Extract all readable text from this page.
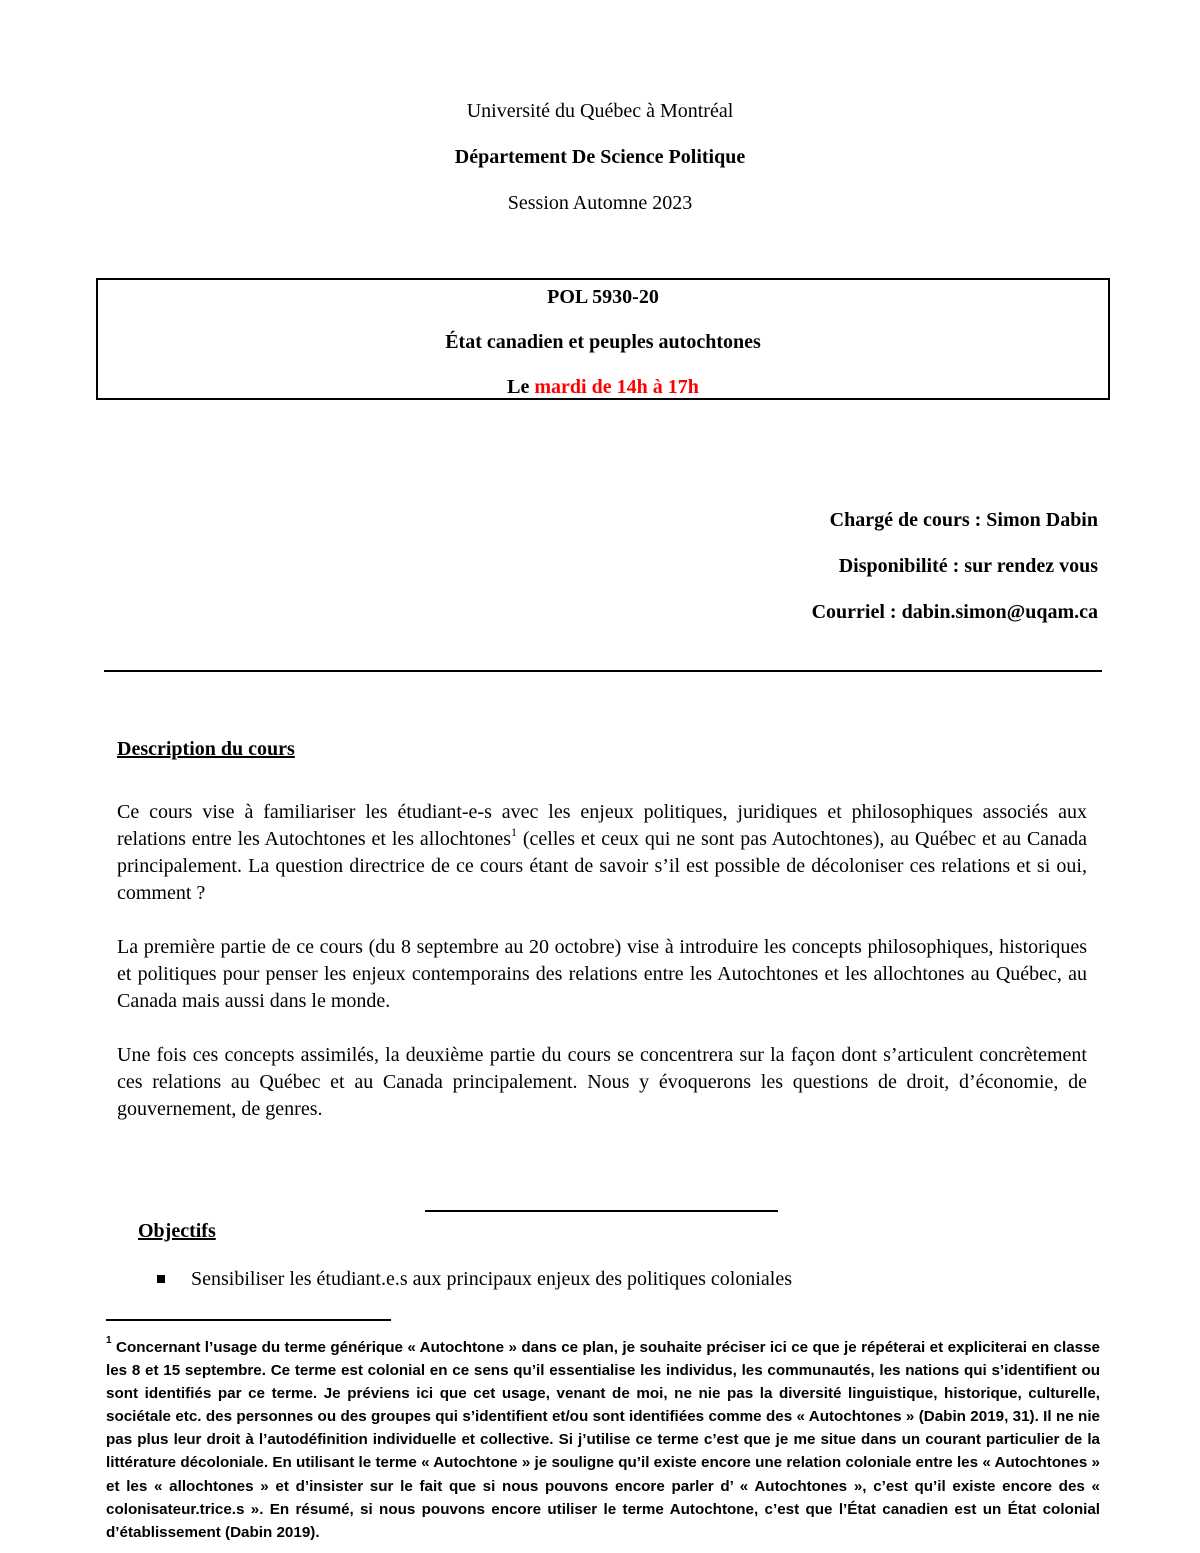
Université du Québec à Montréal
Département De Science Politique
Session Automne 2023
POL 5930-20
État canadien et peuples autochtones
Le mardi de 14h à 17h
Chargé de cours : Simon Dabin
Disponibilité : sur rendez vous
Courriel : dabin.simon@uqam.ca
Description du cours

Ce cours vise à familiariser les étudiant-e-s avec les enjeux politiques, juridiques et philosophiques associés aux relations entre les Autochtones et les allochtones$^1$ (celles et ceux qui ne sont pas Autochtones), au Québec et au Canada principalement. La question directrice de ce cours étant de savoir s’il est possible de décoloniser ces relations et si oui, comment ?

La première partie de ce cours (du 8 septembre au 20 octobre) vise à introduire les concepts philosophiques, historiques et politiques pour penser les enjeux contemporains des relations entre les Autochtones et les allochtones au Québec, au Canada mais aussi dans le monde.

Une fois ces concepts assimilés, la deuxième partie du cours se concentrera sur la façon dont s’articulent concrètement ces relations au Québec et au Canada principalement. Nous y évoquerons les questions de droit, d’économie, de gouvernement, de genres.

Objectifs
Sensibiliser les étudiant.e.s aux principaux enjeux des politiques coloniales

$^1$ Concernant l’usage du terme générique « Autochtone » dans ce plan, je souhaite préciser ici ce que je répéterai et expliciterai en classe les 8 et 15 septembre. Ce terme est colonial en ce sens qu’il essentialise les individus, les communautés, les nations qui s’identifient ou sont identifiés par ce terme. Je préviens ici que cet usage, venant de moi, ne nie pas la diversité linguistique, historique, culturelle, sociétale etc. des personnes ou des groupes qui s’identifient et/ou sont identifiées comme des « Autochtones » (Dabin 2019, 31). Il ne nie pas plus leur droit à l’autodéfinition individuelle et collective. Si j’utilise ce terme c’est que je me situe dans un courant particulier de la littérature décoloniale. En utilisant le terme « Autochtone » je souligne qu’il existe encore une relation coloniale entre les « Autochtones » et les « allochtones » et d’insister sur le fait que si nous pouvons encore parler d’ « Autochtones », c’est qu’il existe encore des « colonisateur.trice.s ». En résumé, si nous pouvons encore utiliser le terme Autochtone, c’est que l’État canadien est un État colonial d’établissement (Dabin 2019).
